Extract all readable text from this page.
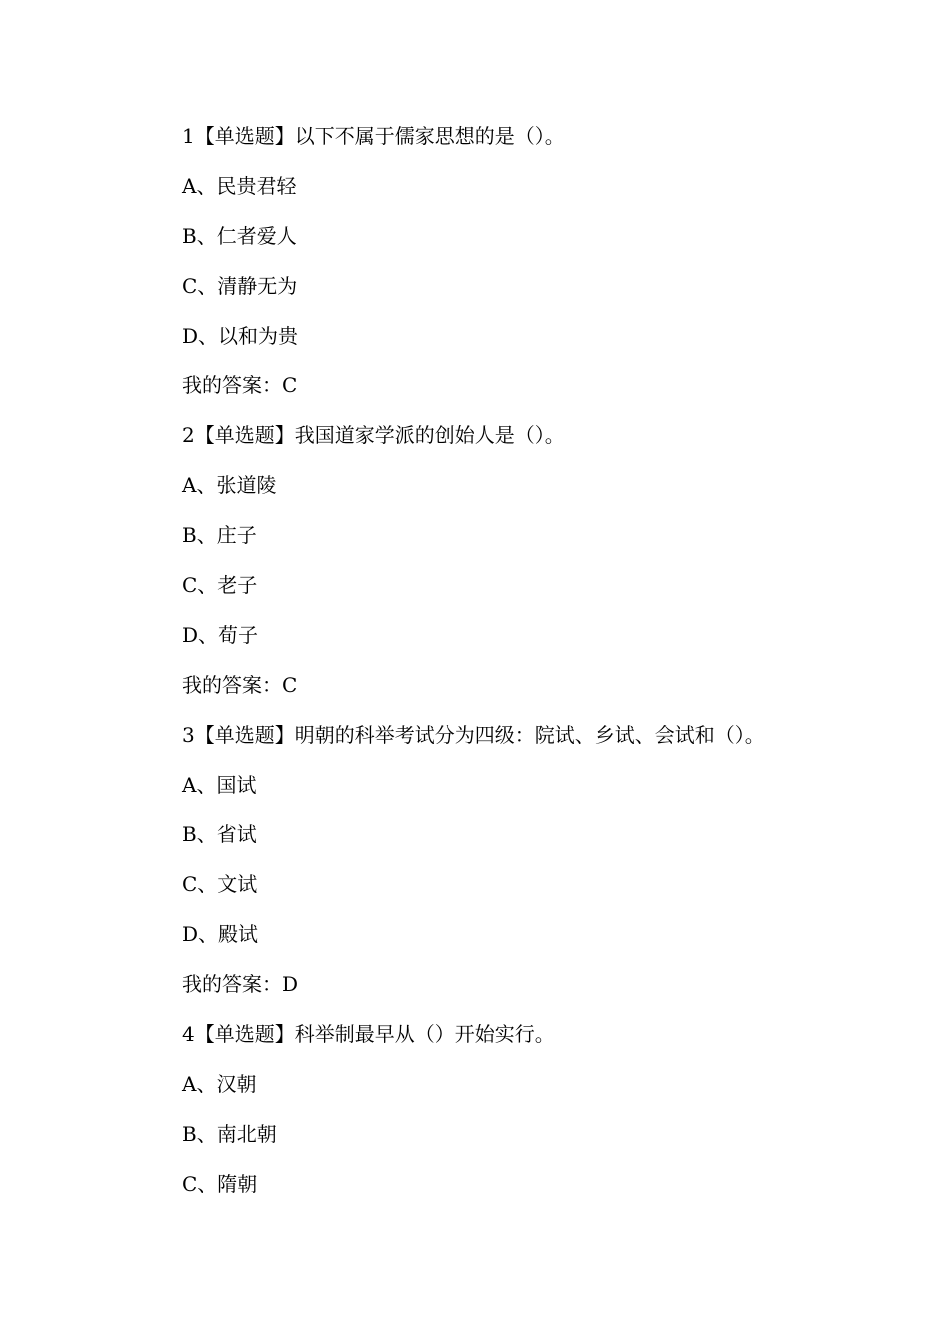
1【单选题】以下不属于儒家思想的是（）。
A、民贵君轻
B、仁者爱人
C、清静无为
D、以和为贵
我的答案：C
2【单选题】我国道家学派的创始人是（）。
A、张道陵
B、庄子
C、老子
D、荀子
我的答案：C
3【单选题】明朝的科举考试分为四级：院试、乡试、会试和（）。
A、国试
B、省试
C、文试
D、殿试
我的答案：D
4【单选题】科举制最早从（）开始实行。
A、汉朝
B、南北朝
C、隋朝
